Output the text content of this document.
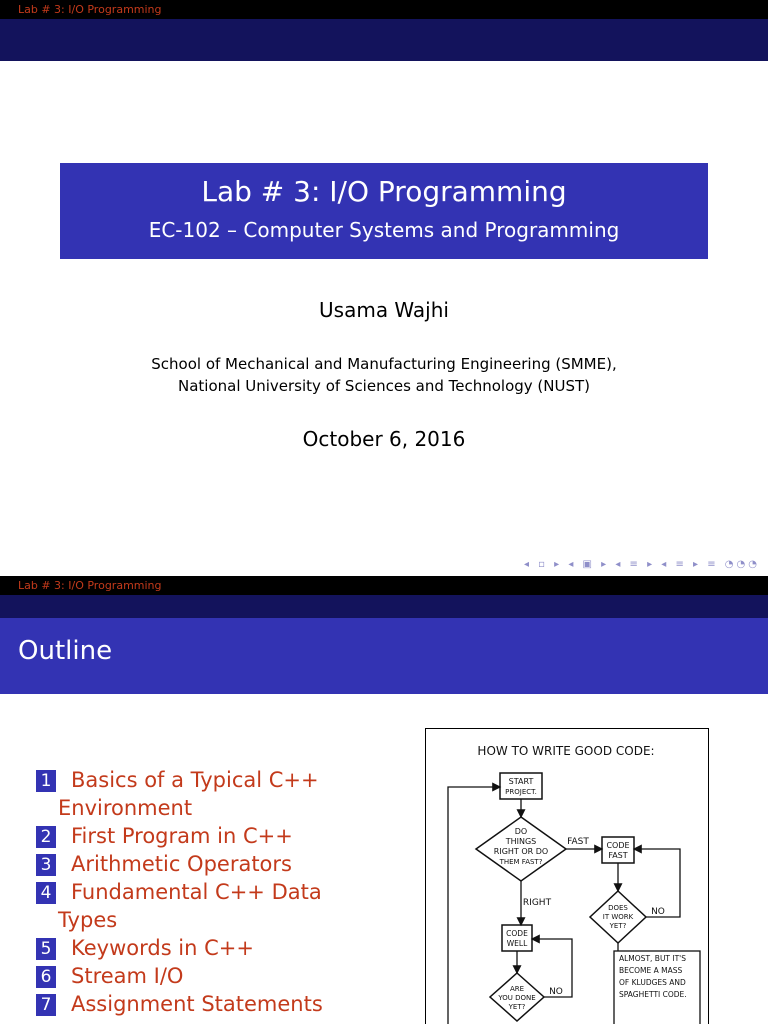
Lab # 3: I/O Programming
Lab # 3: I/O Programming
EC-102 – Computer Systems and Programming
Usama Wajhi
School of Mechanical and Manufacturing Engineering (SMME),
National University of Sciences and Technology (NUST)
October 6, 2016
◂ ▫ ▸ ◂ ▣ ▸ ◂ ≡ ▸ ◂ ≡ ▸ ≡ ◔◔◔
Lab # 3: I/O Programming
Outline
1 Basics of a Typical C++
Environment
2 First Program in C++
3 Arithmetic Operators
4 Fundamental C++ Data
Types
5 Keywords in C++
6 Stream I/O
7 Assignment Statements
HOW TO WRITE GOOD CODE:
START
PROJECT.
DO
THINGS
RIGHT OR DO
THEM FAST?
FAST CODE
FAST
DOES
IT WORK
YET?
NO
ALMOST, BUT IT'S
BECOME A MASS
OF KLUDGES AND
SPAGHETTI CODE.
RIGHT
CODE
WELL
ARE
YOU DONE
YET?
NO
